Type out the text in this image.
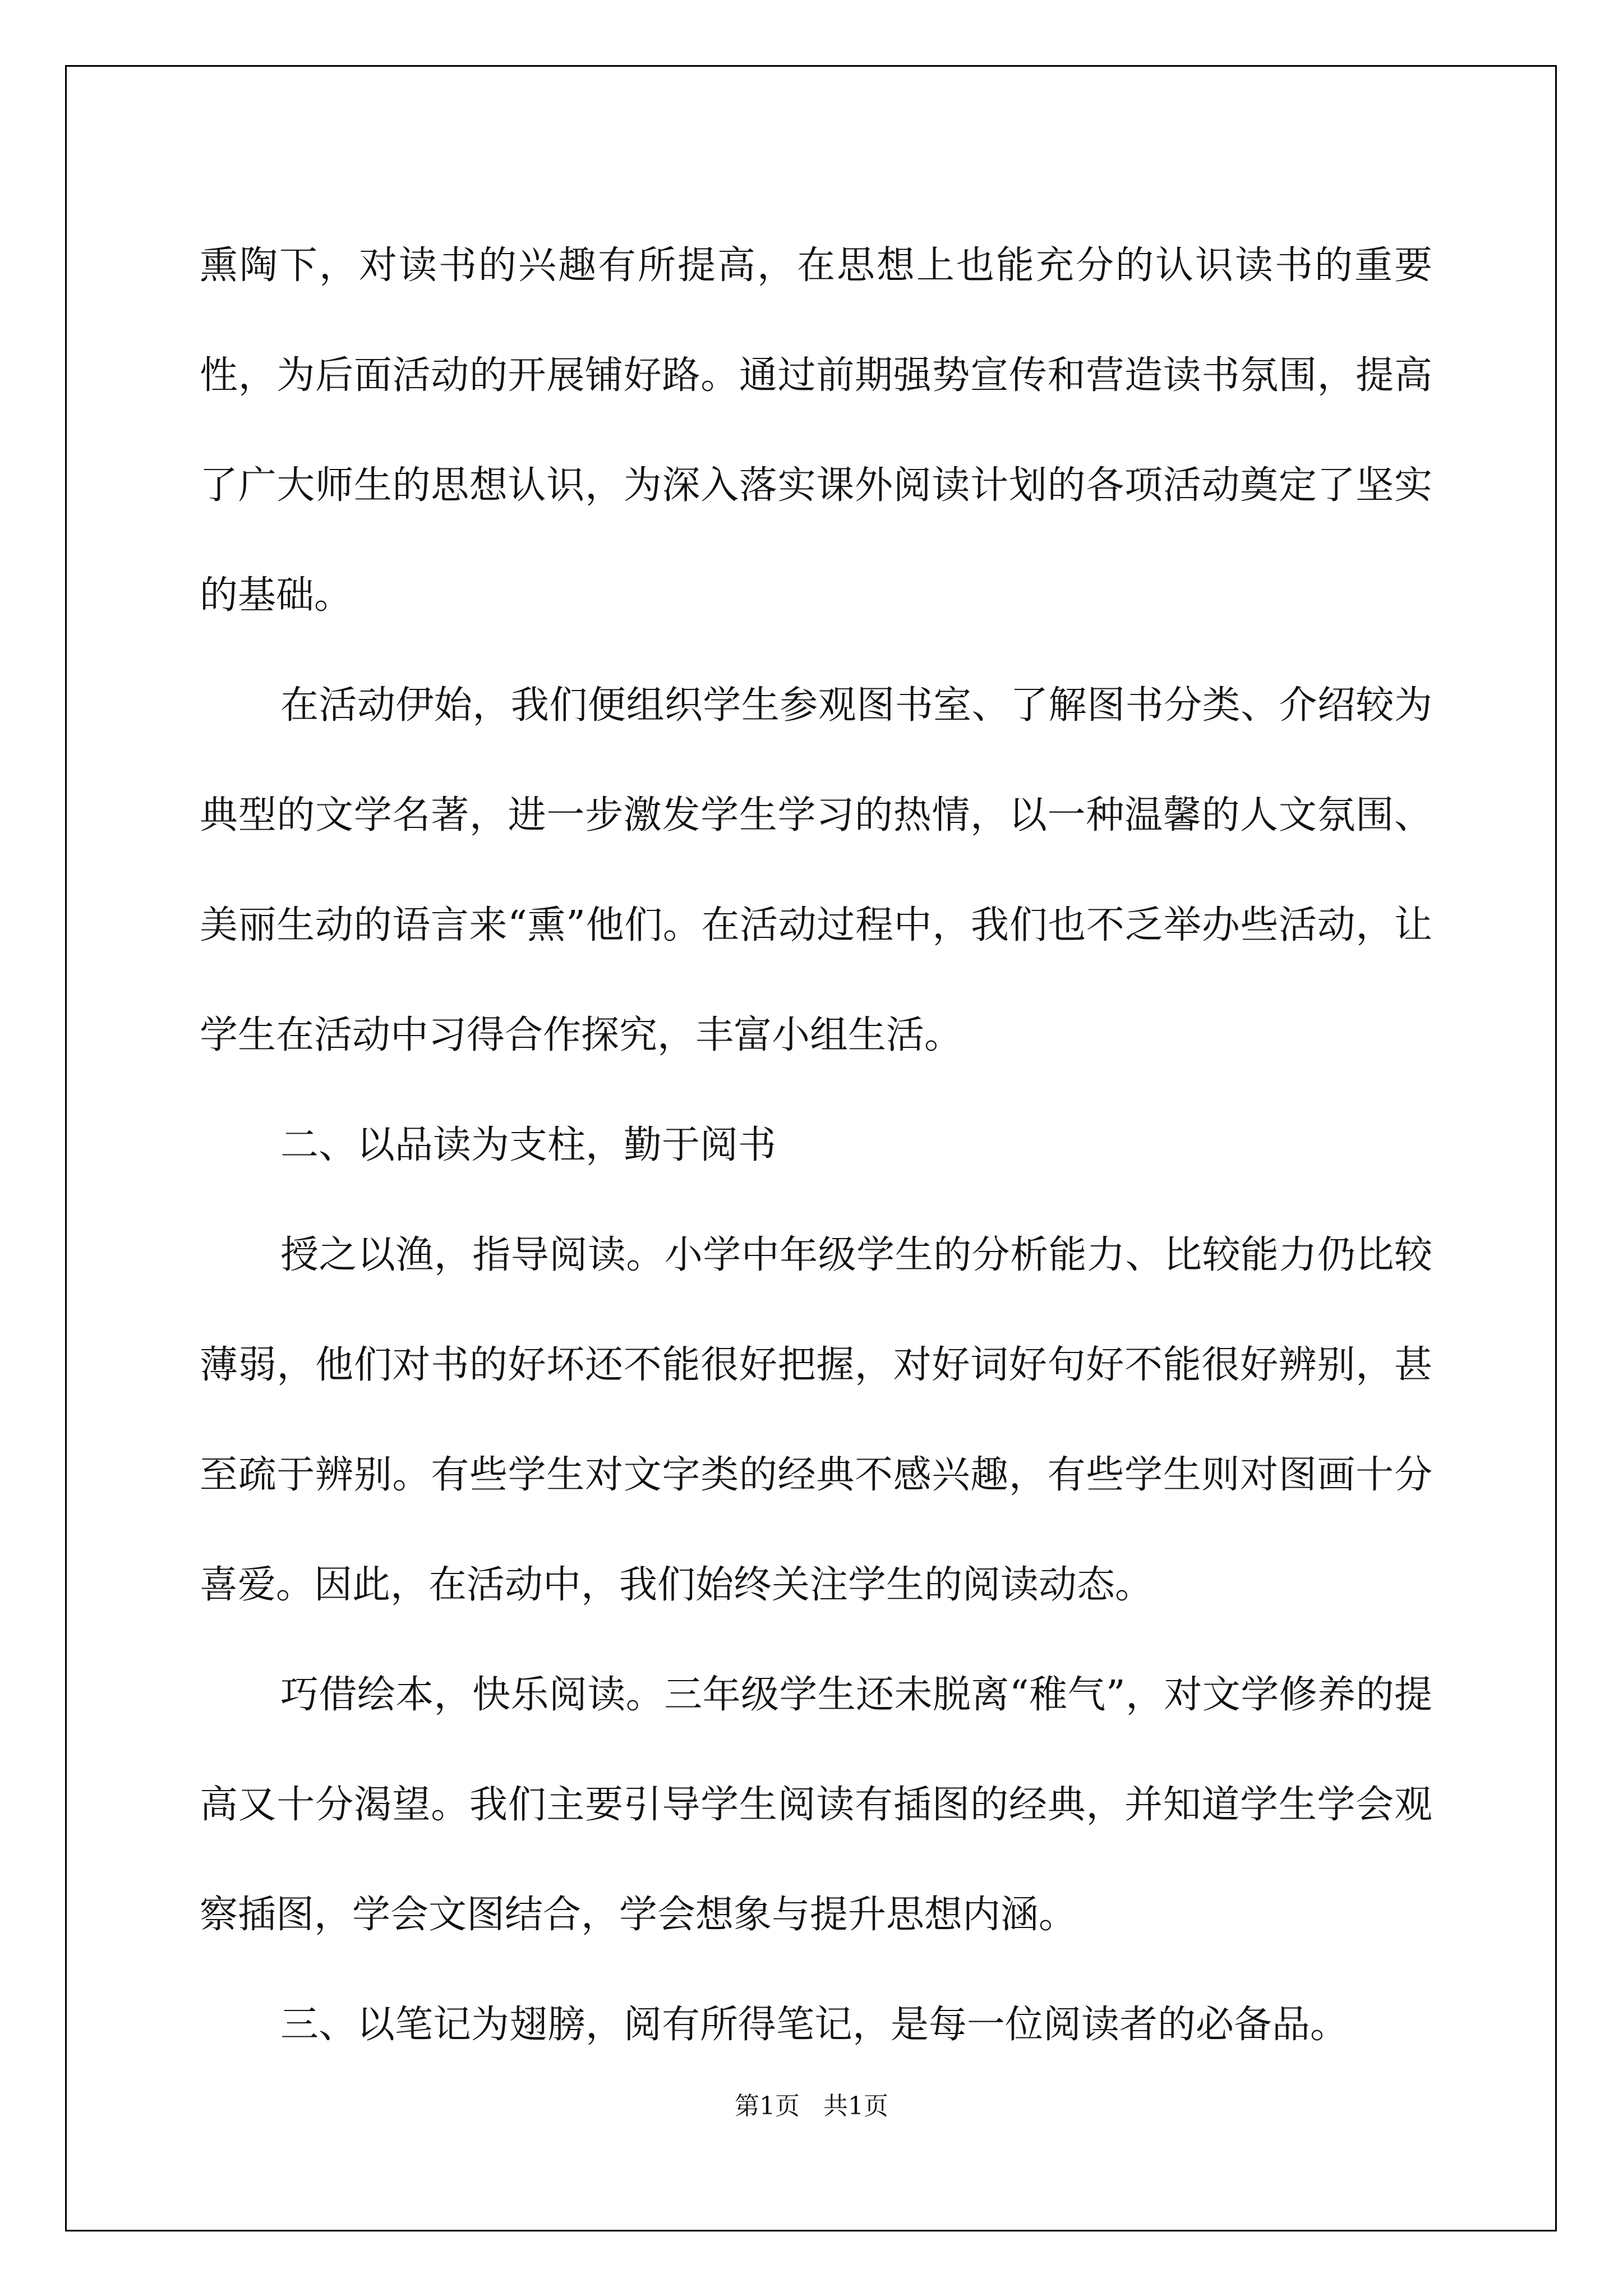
熏陶下，对读书的兴趣有所提高，在思想上也能充分的认识读书的重要性，为后面活动的开展铺好路。通过前期强势宣传和营造读书氛围，提高了广大师生的思想认识，为深入落实课外阅读计划的各项活动奠定了坚实的基础。

在活动伊始，我们便组织学生参观图书室、了解图书分类、介绍较为典型的文学名著，进一步激发学生学习的热情，以一种温馨的人文氛围、美丽生动的语言来“熏”他们。在活动过程中，我们也不乏举办些活动，让学生在活动中习得合作探究，丰富小组生活。

二、以品读为支柱，勤于阅书

授之以渔，指导阅读。小学中年级学生的分析能力、比较能力仍比较薄弱，他们对书的好坏还不能很好把握，对好词好句好不能很好辨别，甚至疏于辨别。有些学生对文字类的经典不感兴趣，有些学生则对图画十分喜爱。因此，在活动中，我们始终关注学生的阅读动态。

巧借绘本，快乐阅读。三年级学生还未脱离“稚气”，对文学修养的提高又十分渴望。我们主要引导学生阅读有插图的经典，并知道学生学会观察插图，学会文图结合，学会想象与提升思想内涵。

三、以笔记为翅膀，阅有所得笔记，是每一位阅读者的必备品。

第1页 共1页
